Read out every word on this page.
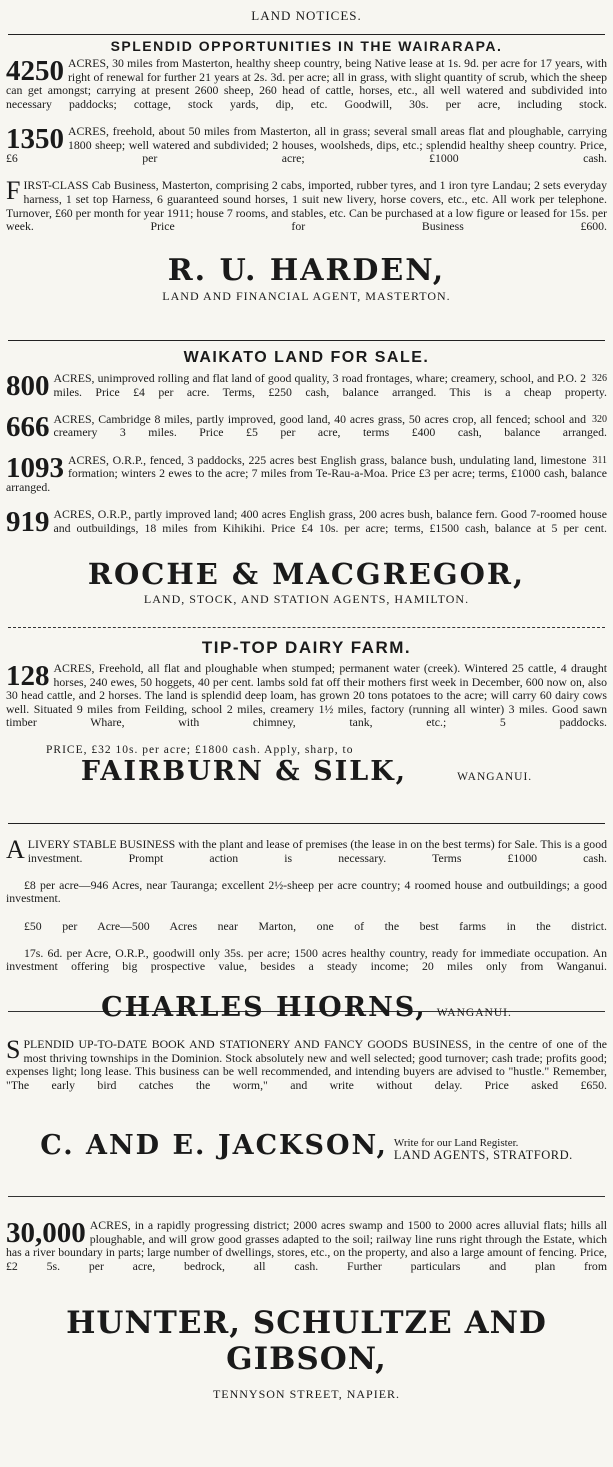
LAND NOTICES.
SPLENDID OPPORTUNITIES IN THE WAIRARAPA.

4250 ACRES, 30 miles from Masterton, healthy sheep country, being Native lease at 1s. 9d. per acre for 17 years, with right of renewal for further 21 years at 2s. 3d. per acre; all in grass, with slight quantity of scrub, which the sheep can get amongst; carrying at present 2600 sheep, 260 head of cattle, horses, etc., all well watered and subdivided into necessary paddocks; cottage, stock yards, dip, etc. Goodwill, 30s. per acre, including stock.

1350 ACRES, freehold, about 50 miles from Masterton, all in grass; several small areas flat and ploughable, carrying 1800 sheep; well watered and subdivided; 2 houses, woolsheds, dips, etc.; splendid healthy sheep country. Price, £6 per acre; £1000 cash.

FIRST-CLASS Cab Business, Masterton, comprising 2 cabs, imported, rubber tyres, and 1 iron tyre Landau; 2 sets everyday harness, 1 set top Harness, 6 guaranteed sound horses, 1 suit new livery, horse covers, etc., etc. All work per telephone. Turnover, £60 per month for year 1911; house 7 rooms, and stables, etc. Can be purchased at a low figure or leased for 15s. per week. Price for Business £600.

R. U. HARDEN,
LAND AND FINANCIAL AGENT, MASTERTON.
WAIKATO LAND FOR SALE.

326
800 ACRES, unimproved rolling and flat land of good quality, 3 road frontages, whare; creamery, school, and P.O. 2 miles. Price £4 per acre. Terms, £250 cash, balance arranged. This is a cheap property.

320
666 ACRES, Cambridge 8 miles, partly improved, good land, 40 acres grass, 50 acres crop, all fenced; school and creamery 3 miles. Price £5 per acre, terms £400 cash, balance arranged.

311
1093 ACRES, O.R.P., fenced, 3 paddocks, 225 acres best English grass, balance bush, undulating land, limestone formation; winters 2 ewes to the acre; 7 miles from Te-Rau-a-Moa. Price £3 per acre; terms, £1000 cash, balance arranged.

919 ACRES, O.R.P., partly improved land; 400 acres English grass, 200 acres bush, balance fern. Good 7-roomed house and outbuildings, 18 miles from Kihikihi. Price £4 10s. per acre; terms, £1500 cash, balance at 5 per cent.

ROCHE & MACGREGOR,
LAND, STOCK, AND STATION AGENTS, HAMILTON.
TIP-TOP DAIRY FARM.

128 ACRES, Freehold, all flat and ploughable when stumped; permanent water (creek). Wintered 25 cattle, 4 draught horses, 240 ewes, 50 hoggets, 40 per cent. lambs sold fat off their mothers first week in December, 600 now on, also 30 head cattle, and 2 horses. The land is splendid deep loam, has grown 20 tons potatoes to the acre; will carry 60 dairy cows well. Situated 9 miles from Feilding, school 2 miles, creamery 1½ miles, factory (running all winter) 3 miles. Good sawn timber Whare, with chimney, tank, etc.; 5 paddocks.

PRICE, £32 10s. per acre; £1800 cash. Apply, sharp, to
FAIRBURN & SILK,	WANGANUI.

ALIVERY STABLE BUSINESS with the plant and lease of premises (the lease in on the best terms) for Sale. This is a good investment. Prompt action is necessary. Terms £1000 cash.

£8 per acre—946 Acres, near Tauranga; excellent 2½-sheep per acre country; 4 roomed house and outbuildings; a good investment.

£50 per Acre—500 Acres near Marton, one of the best farms in the district.

17s. 6d. per Acre, O.R.P., goodwill only 35s. per acre; 1500 acres healthy country, ready for immediate occupation. An investment offering big prospective value, besides a steady income; 20 miles only from Wanganui.

CHARLES HIORNS, WANGANUI.

SPLENDID UP-TO-DATE BOOK AND STATIONERY AND FANCY GOODS BUSINESS, in the centre of one of the most thriving townships in the Dominion. Stock absolutely new and well selected; good turnover; cash trade; profits good; expenses light; long lease. This business can be well recommended, and intending buyers are advised to "hustle." Remember, "The early bird catches the worm," and write without delay. Price asked £650.

C. AND E. JACKSON, Write for our Land Register.
LAND AGENTS, STRATFORD.

30,000 ACRES, in a rapidly progressing district; 2000 acres swamp and 1500 to 2000 acres alluvial flats; hills all ploughable, and will grow good grasses adapted to the soil; railway line runs right through the Estate, which has a river boundary in parts; large number of dwellings, stores, etc., on the property, and also a large amount of fencing. Price, £2 5s. per acre, bedrock, all cash. Further particulars and plan from

HUNTER, SCHULTZE AND GIBSON,
TENNYSON STREET, NAPIER.
